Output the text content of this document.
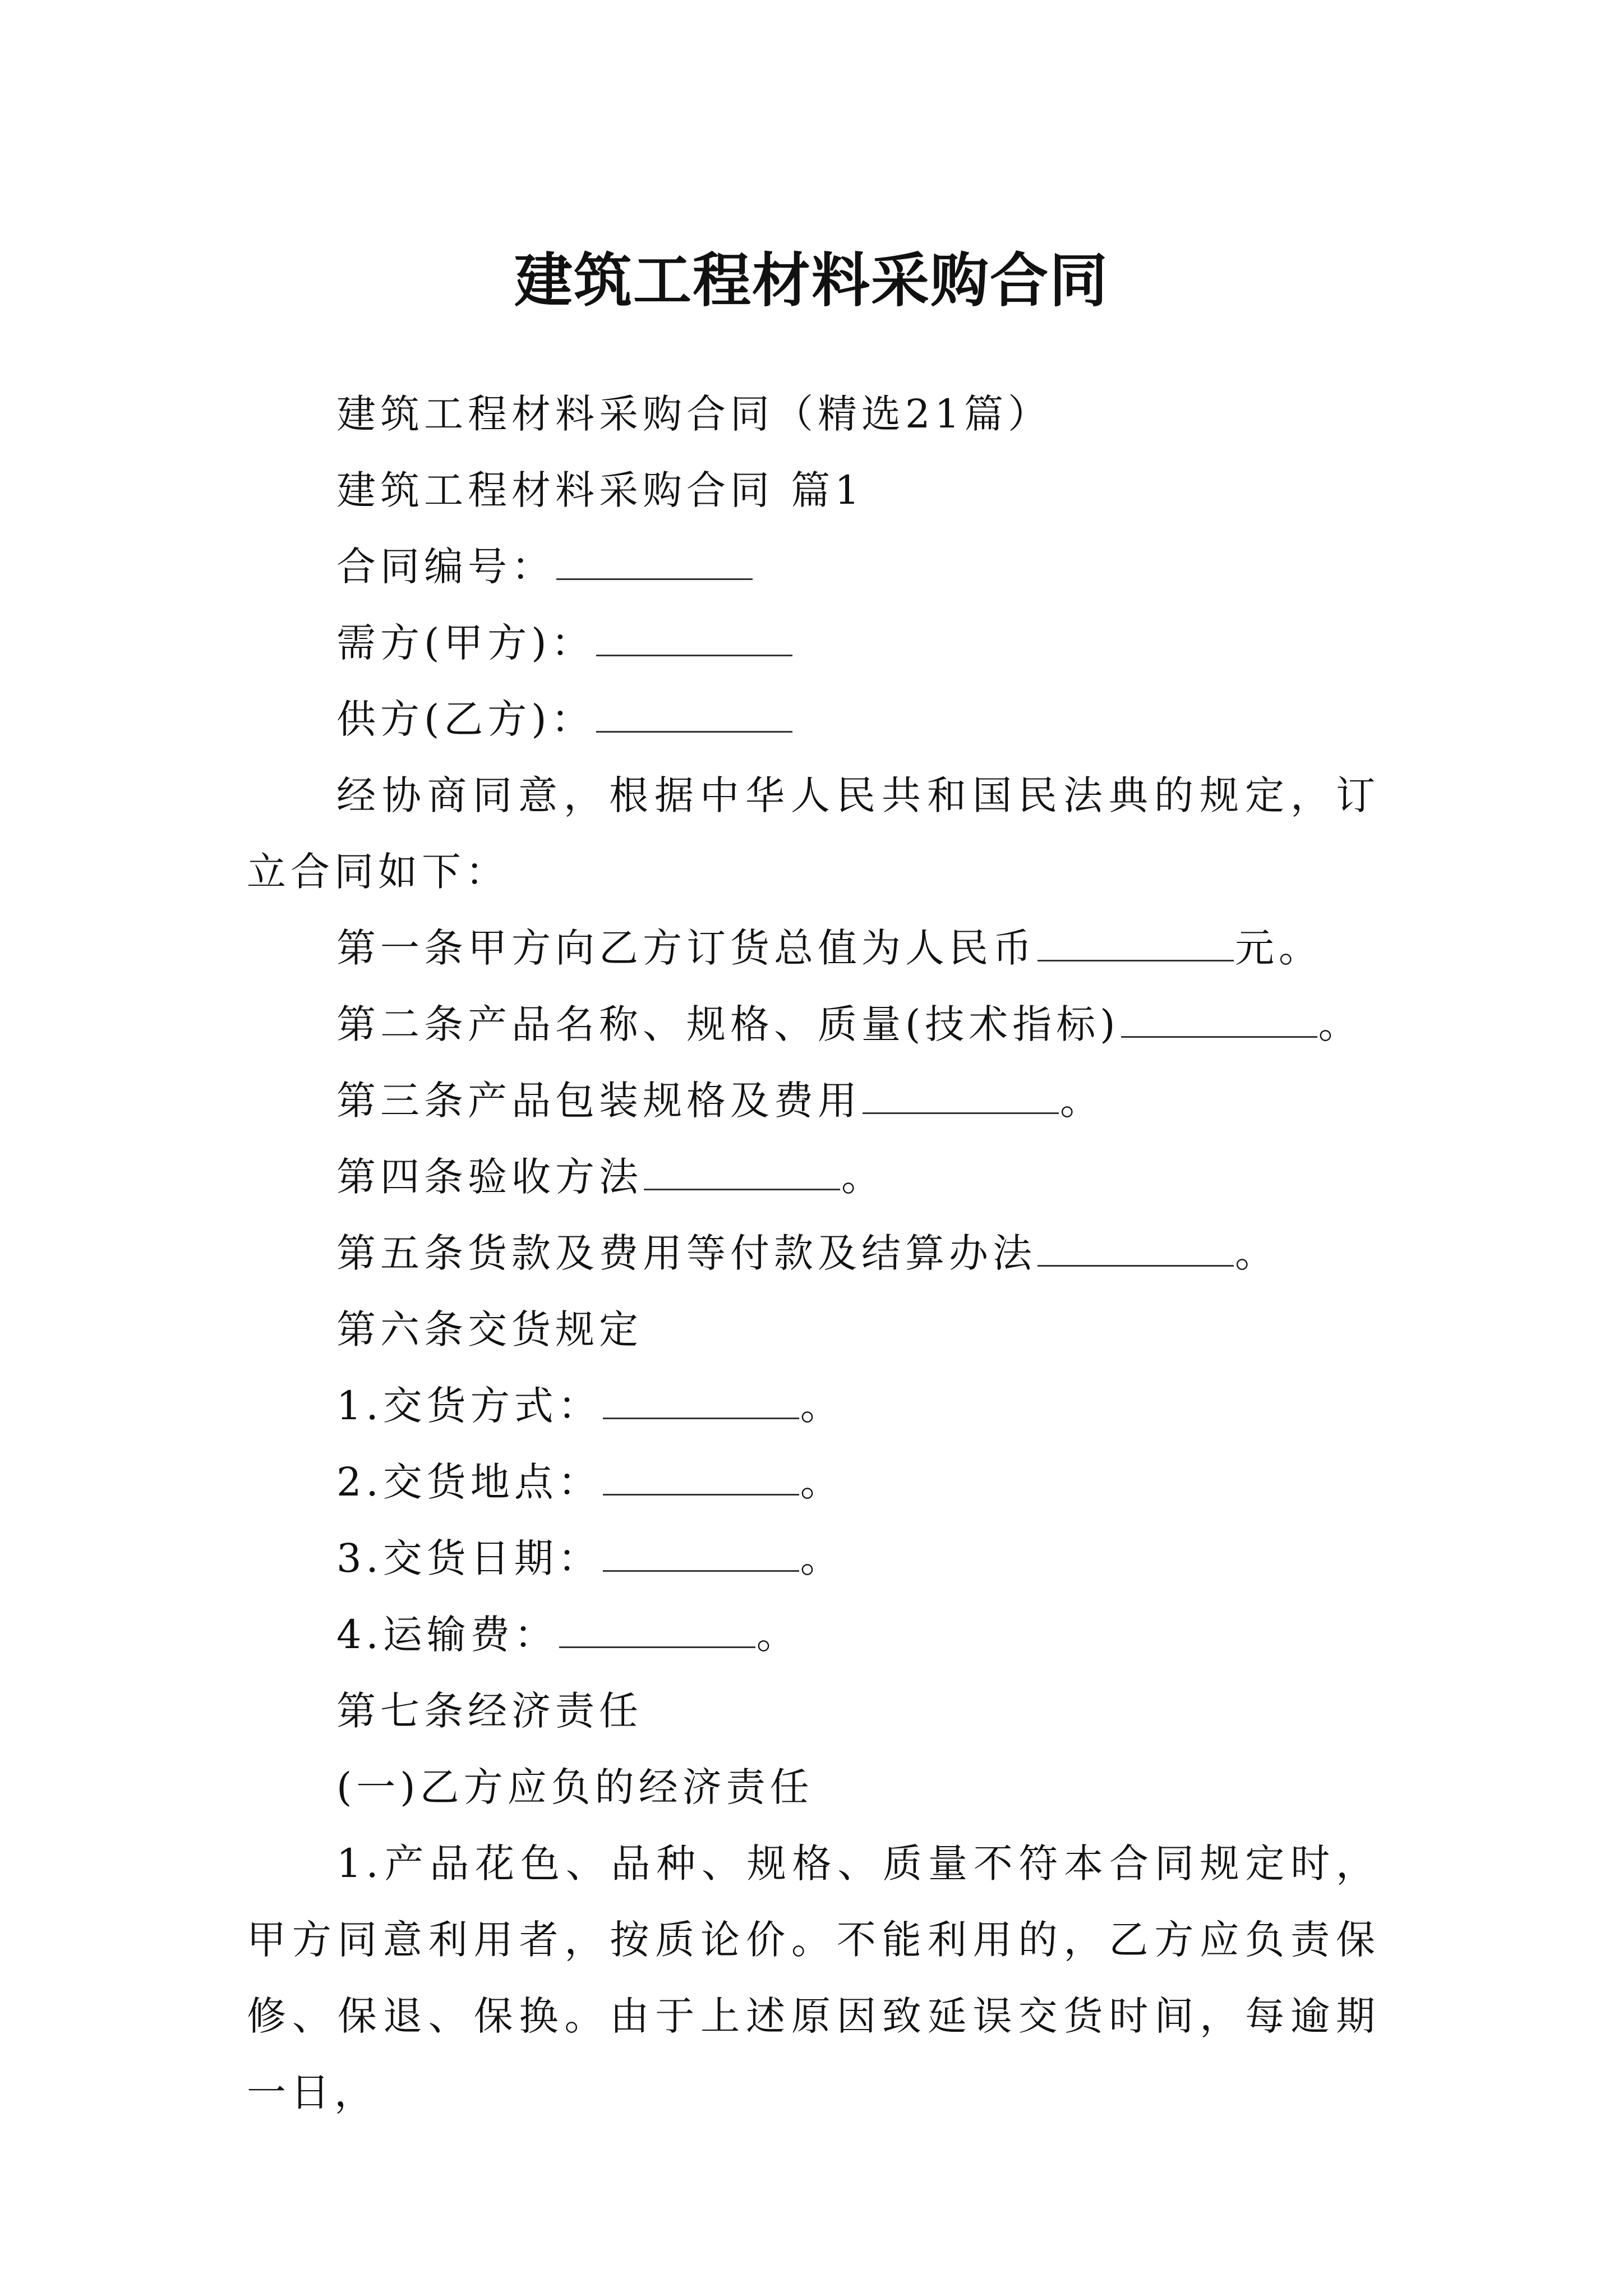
建筑工程材料采购合同

建筑工程材料采购合同（精选21篇）

建筑工程材料采购合同 篇1

合同编号：

需方(甲方)：

供方(乙方)：

经协商同意，根据中华人民共和国民法典的规定，订立合同如下：

第一条甲方向乙方订货总值为人民币	元。

第二条产品名称、规格、质量(技术指标)	。

第三条产品包装规格及费用	。

第四条验收方法	。

第五条货款及费用等付款及结算办法	。

第六条交货规定

1.交货方式：	。

2.交货地点：	。

3.交货日期：	。

4.运输费：	。

第七条经济责任

(一)乙方应负的经济责任

1.产品花色、品种、规格、质量不符本合同规定时，甲方同意利用者，按质论价。不能利用的，乙方应负责保修、保退、保换。由于上述原因致延误交货时间，每逾期一日，
